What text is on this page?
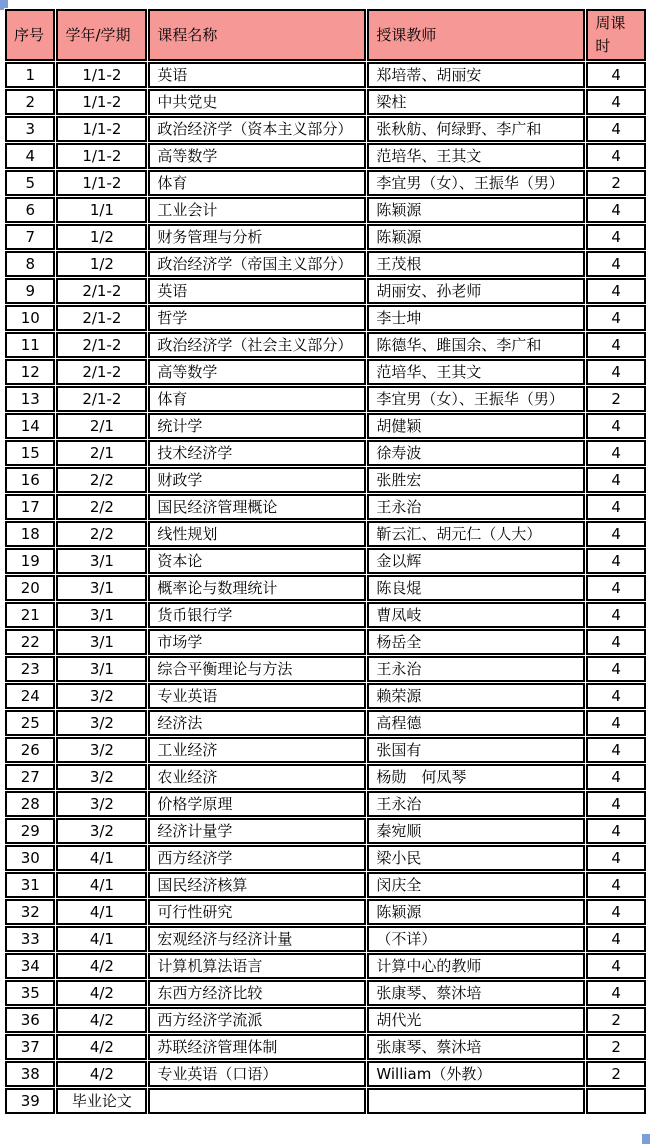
序号	学年/学期	课程名称	授课教师	周课时
1	1/1-2	英语	郑培蒂、胡丽安	4
2	1/1-2	中共党史	梁柱	4
3	1/1-2	政治经济学（资本主义部分）	张秋舫、何绿野、李广和	4
4	1/1-2	高等数学	范培华、王其文	4
5	1/1-2	体育	李宜男（女）、王振华（男）	2
6	1/1	工业会计	陈颖源	4
7	1/2	财务管理与分析	陈颖源	4
8	1/2	政治经济学（帝国主义部分）	王茂根	4
9	2/1-2	英语	胡丽安、孙老师	4
10	2/1-2	哲学	李士坤	4
11	2/1-2	政治经济学（社会主义部分）	陈德华、雎国余、李广和	4
12	2/1-2	高等数学	范培华、王其文	4
13	2/1-2	体育	李宜男（女）、王振华（男）	2
14	2/1	统计学	胡健颖	4
15	2/1	技术经济学	徐寿波	4
16	2/2	财政学	张胜宏	4
17	2/2	国民经济管理概论	王永治	4
18	2/2	线性规划	靳云汇、胡元仁（人大）	4
19	3/1	资本论	金以辉	4
20	3/1	概率论与数理统计	陈良焜	4
21	3/1	货币银行学	曹凤岐	4
22	3/1	市场学	杨岳全	4
23	3/1	综合平衡理论与方法	王永治	4
24	3/2	专业英语	赖荣源	4
25	3/2	经济法	高程德	4
26	3/2	工业经济	张国有	4
27	3/2	农业经济	杨勋　何凤琴	4
28	3/2	价格学原理	王永治	4
29	3/2	经济计量学	秦宛顺	4
30	4/1	西方经济学	梁小民	4
31	4/1	国民经济核算	闵庆全	4
32	4/1	可行性研究	陈颖源	4
33	4/1	宏观经济与经济计量	（不详）	4
34	4/2	计算机算法语言	计算中心的教师	4
35	4/2	东西方经济比较	张康琴、蔡沐培	4
36	4/2	西方经济学流派	胡代光	2
37	4/2	苏联经济管理体制	张康琴、蔡沐培	2
38	4/2	专业英语（口语）	William（外教）	2
39	毕业论文			
